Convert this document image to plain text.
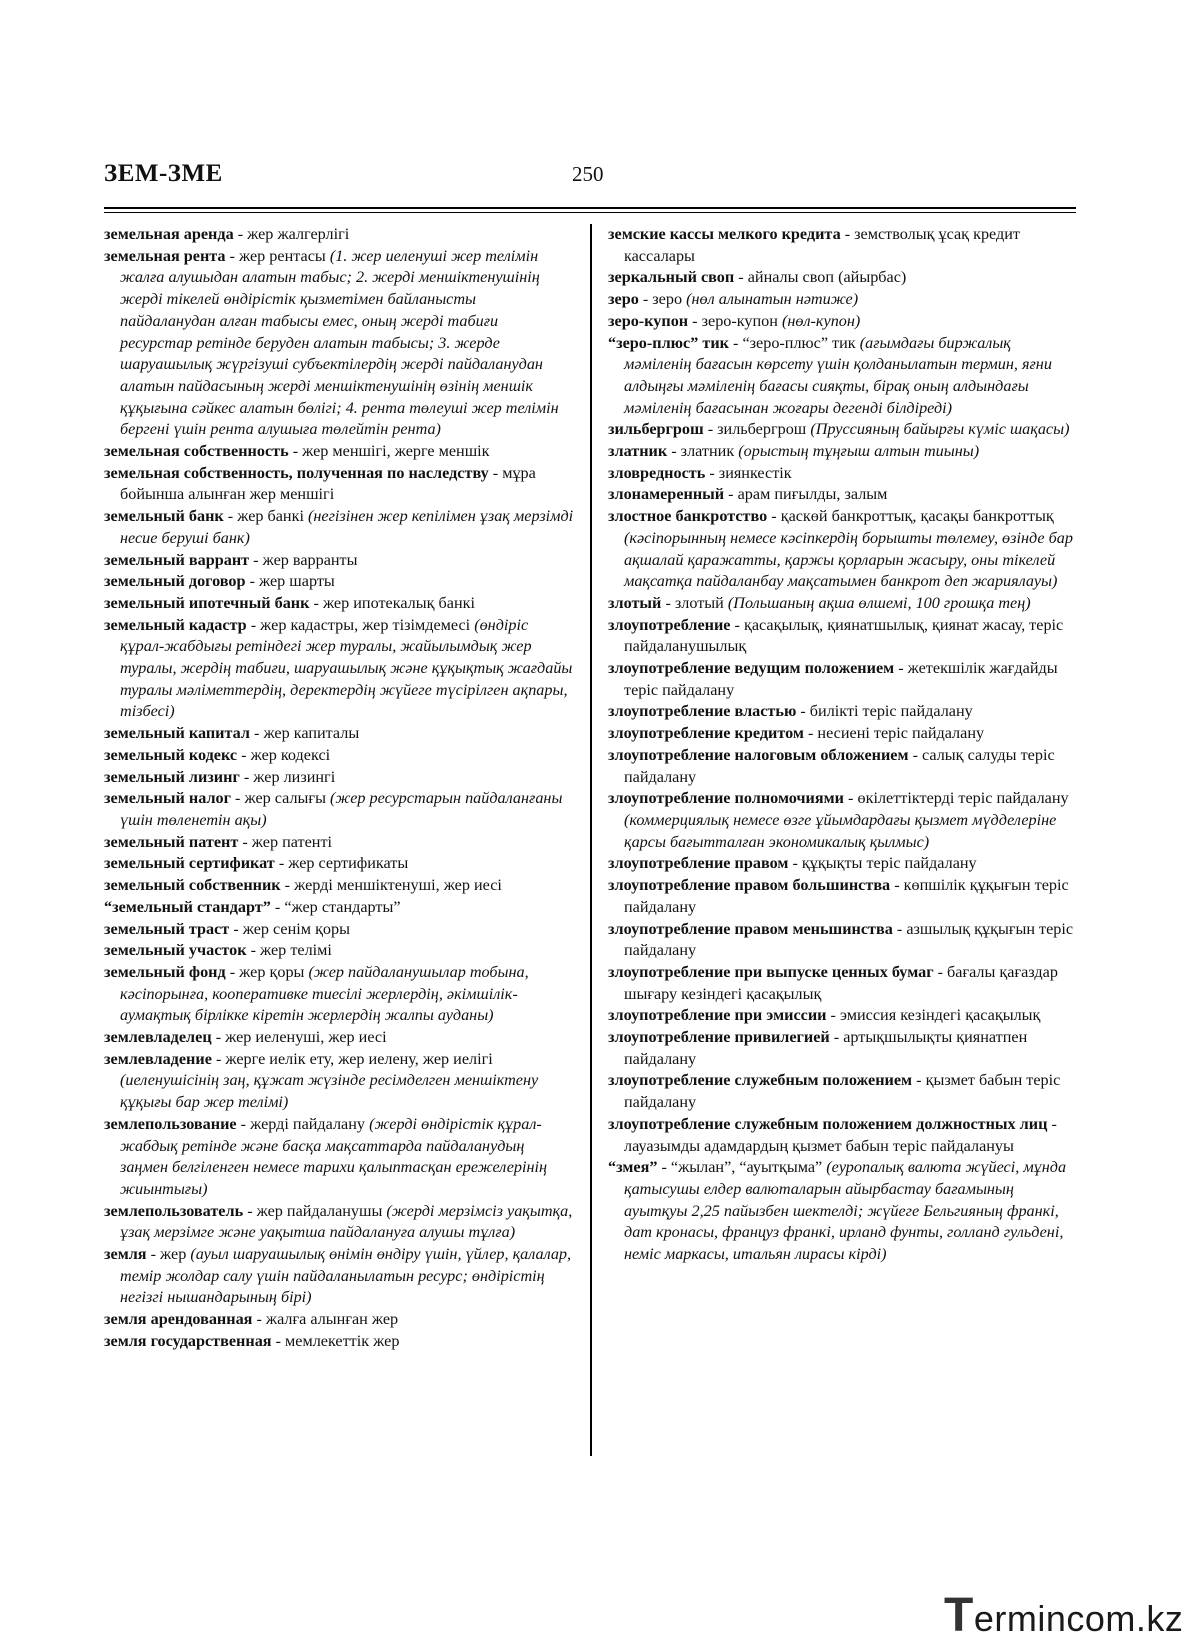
ЗЕМ-ЗМЕ	250

земельная аренда - жер жалгерлігі

земельная рента - жер рентасы (1. жер иеленуші жер телімін жалға алушыдан алатын табыс; 2. жерді меншіктенушінің жерді тікелей өндірістік қызметімен байланысты пайдаланудан алған табысы емес, оның жерді табиғи ресурстар ретінде беруден алатын табысы; 3. жерде шаруашылық жүргізуші субъектілердің жерді пайдаланудан алатын пайдасының жерді меншіктенушінің өзінің меншік құқығына сәйкес алатын бөлігі; 4. рента төлеуші жер телімін бергені үшін рента алушыға төлейтін рента)

земельная собственность - жер меншігі, жерге меншік

земельная собственность, полученная по наследству - мұра бойынша алынған жер меншігі

земельный банк - жер банкі (негізінен жер кепілімен ұзақ мерзімді несие беруші банк)

земельный варрант - жер варранты

земельный договор - жер шарты

земельный ипотечный банк - жер ипотекалық банкі

земельный кадастр - жер кадастры, жер тізімдемесі (өндіріс құрал-жабдығы ретіндегі жер туралы, жайылымдық жер туралы, жердің табиғи, шаруашылық және құқықтық жағдайы туралы мәліметтердің, деректердің жүйеге түсірілген ақпары, тізбесі)

земельный капитал - жер капиталы

земельный кодекс - жер кодексі

земельный лизинг - жер лизингі

земельный налог - жер салығы (жер ресурстарын пайдаланғаны үшін төленетін ақы)

земельный патент - жер патенті

земельный сертификат - жер сертификаты

земельный собственник - жерді меншіктенуші, жер иесі

“земельный стандарт” - “жер стандарты”

земельный траст - жер сенім қоры

земельный участок - жер телімі

земельный фонд - жер қоры (жер пайдаланушылар тобына, кәсіпорынға, кооперативке тиесілі жерлердің, әкімшілік-аумақтық бірлікке кіретін жерлердің жалпы ауданы)

землевладелец - жер иеленуші, жер иесі

землевладение - жерге иелік ету, жер иелену, жер иелігі (иеленушісінің заң, құжат жүзінде ресімделген меншіктену құқығы бар жер телімі)

землепользование - жерді пайдалану (жерді өндірістік құрал-жабдық ретінде және басқа мақсаттарда пайдаланудың заңмен белгіленген немесе тарихи қалыптасқан ережелерінің жиынтығы)

землепользователь - жер пайдаланушы (жерді мерзімсіз уақытқа, ұзақ мерзімге және уақытша пайдалануға алушы тұлға)

земля - жер (ауыл шаруашылық өнімін өндіру үшін, үйлер, қалалар, темір жолдар салу үшін пайдаланылатын ресурс; өндірістің негізгі нышандарының бірі)

земля арендованная - жалға алынған жер

земля государственная - мемлекеттік жер

земские кассы мелкого кредита - земстволық ұсақ кредит кассалары

зеркальный своп - айналы своп (айырбас)

зеро - зеро (нөл алынатын нәтиже)

зеро-купон - зеро-купон (нөл-купон)

“зеро-плюс” тик - “зеро-плюс” тик (ағымдағы биржалық мәміленің бағасын көрсету үшін қолданылатын термин, яғни алдыңғы мәміленің бағасы сияқты, бірақ оның алдындағы мәміленің бағасынан жоғары дегенді білдіреді)

зильбергрош - зильбергрош (Пруссияның байырғы күміс шақасы)

златник - златник (орыстың тұңғыш алтын тиыны)

зловредность - зиянкестік

злонамеренный - арам пиғылды, залым

злостное банкротство - қаскөй банкроттық, қасақы банкроттық (кәсіпорынның немесе кәсіпкердің борышты төлемеу, өзінде бар ақшалай қаражатты, қаржы қорларын жасыру, оны тікелей мақсатқа пайдаланбау мақсатымен банкрот деп жариялауы)

злотый - злотый (Польшаның ақша өлшемі, 100 грошқа тең)

злоупотребление - қасақылық, қиянатшылық, қиянат жасау, теріс пайдаланушылық

злоупотребление ведущим положением - жетекшілік жағдайды теріс пайдалану

злоупотребление властью - билікті теріс пайдалану

злоупотребление кредитом - несиені теріс пайдалану

злоупотребление налоговым обложением - салық салуды теріс пайдалану

злоупотребление полномочиями - өкілеттіктерді теріс пайдалану (коммерциялық немесе өзге ұйымдардағы қызмет мүдделеріне қарсы бағытталған экономикалық қылмыс)

злоупотребление правом - құқықты теріс пайдалану

злоупотребление правом большинства - көпшілік құқығын теріс пайдалану

злоупотребление правом меньшинства - азшылық құқығын теріс пайдалану

злоупотребление при выпуске ценных бумаг - бағалы қағаздар шығару кезіндегі қасақылық

злоупотребление при эмиссии - эмиссия кезіндегі қасақылық

злоупотребление привилегией - артықшылықты қиянатпен пайдалану

злоупотребление служебным положением - қызмет бабын теріс пайдалану

злоупотребление служебным положением должностных лиц - лауазымды адамдардың қызмет бабын теріс пайдалануы

“змея” - “жылан”, “ауытқыма” (еуропалық валюта жүйесі, мұнда қатысушы елдер валюталарын айырбастау бағамының ауытқуы 2,25 пайызбен шектелді; жүйеге Бельгияның франкі, дат кронасы, француз франкі, ирланд фунты, голланд гульдені, неміс маркасы, итальян лирасы кірді)

Termincom.kz
